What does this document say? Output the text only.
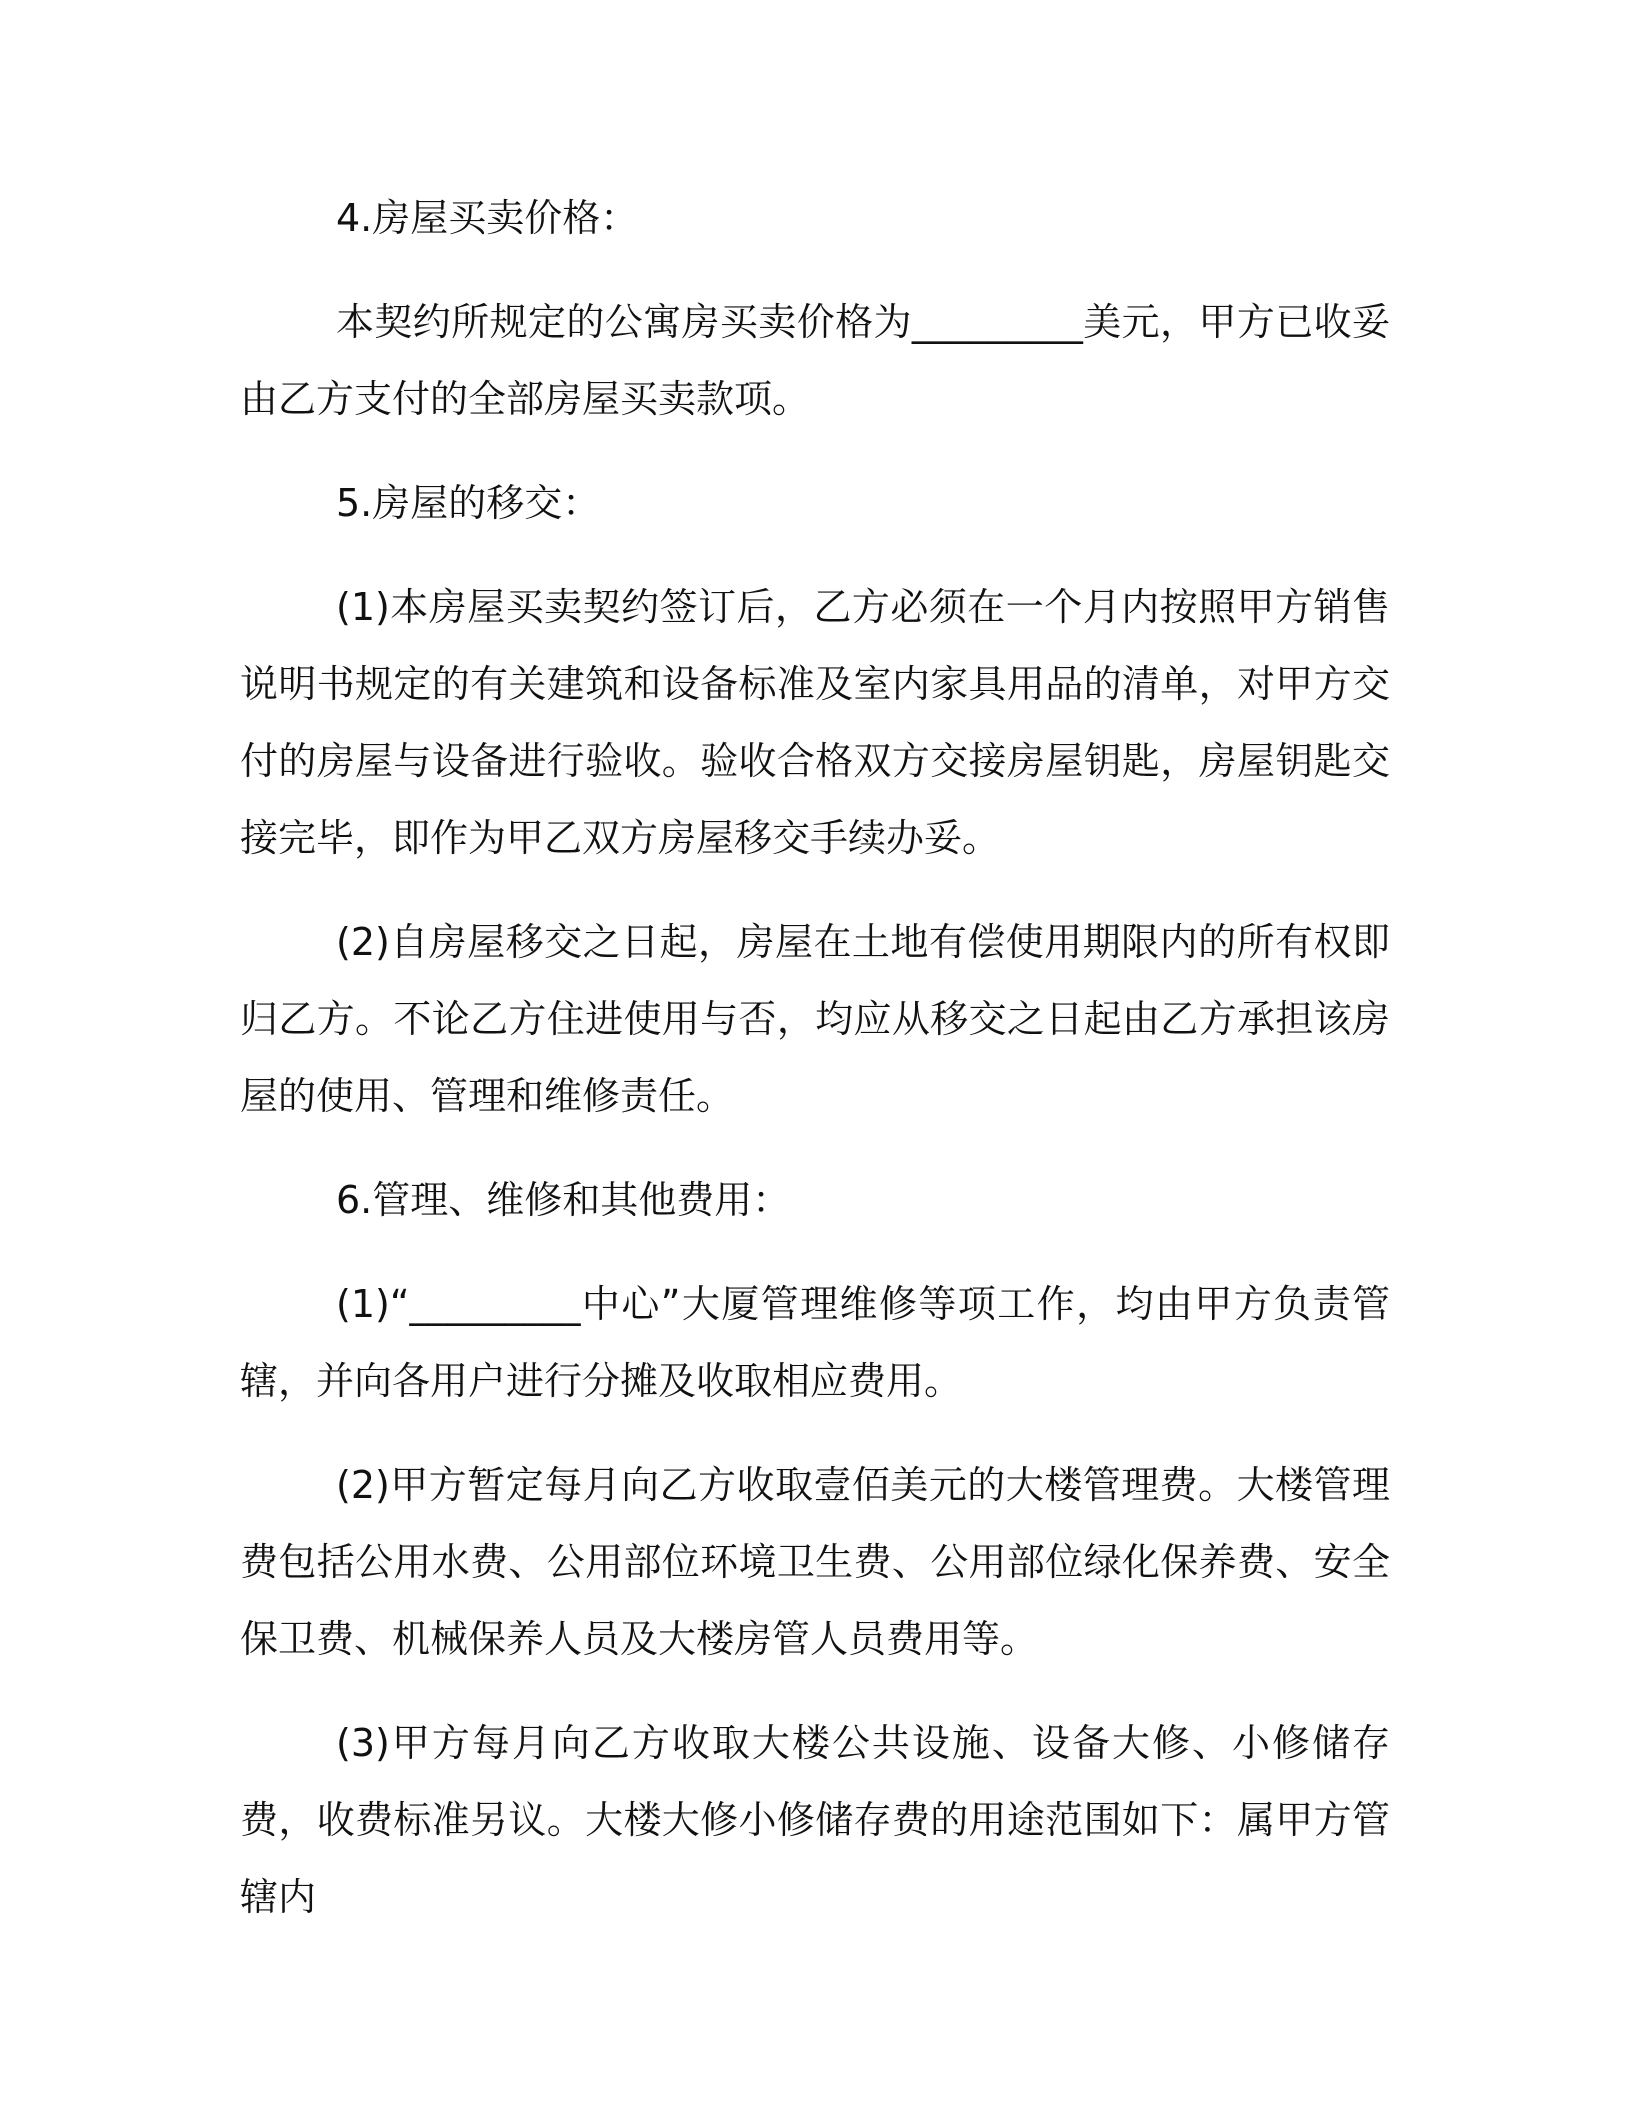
4.房屋买卖价格：

本契约所规定的公寓房买卖价格为_________美元，甲方已收妥由乙方支付的全部房屋买卖款项。

5.房屋的移交：

(1)本房屋买卖契约签订后，乙方必须在一个月内按照甲方销售说明书规定的有关建筑和设备标准及室内家具用品的清单，对甲方交付的房屋与设备进行验收。验收合格双方交接房屋钥匙，房屋钥匙交接完毕，即作为甲乙双方房屋移交手续办妥。

(2)自房屋移交之日起，房屋在土地有偿使用期限内的所有权即归乙方。不论乙方住进使用与否，均应从移交之日起由乙方承担该房屋的使用、管理和维修责任。

6.管理、维修和其他费用：

(1)“_________中心”大厦管理维修等项工作，均由甲方负责管辖，并向各用户进行分摊及收取相应费用。

(2)甲方暂定每月向乙方收取壹佰美元的大楼管理费。大楼管理费包括公用水费、公用部位环境卫生费、公用部位绿化保养费、安全保卫费、机械保养人员及大楼房管人员费用等。

(3)甲方每月向乙方收取大楼公共设施、设备大修、小修储存费，收费标准另议。大楼大修小修储存费的用途范围如下：属甲方管辖内
